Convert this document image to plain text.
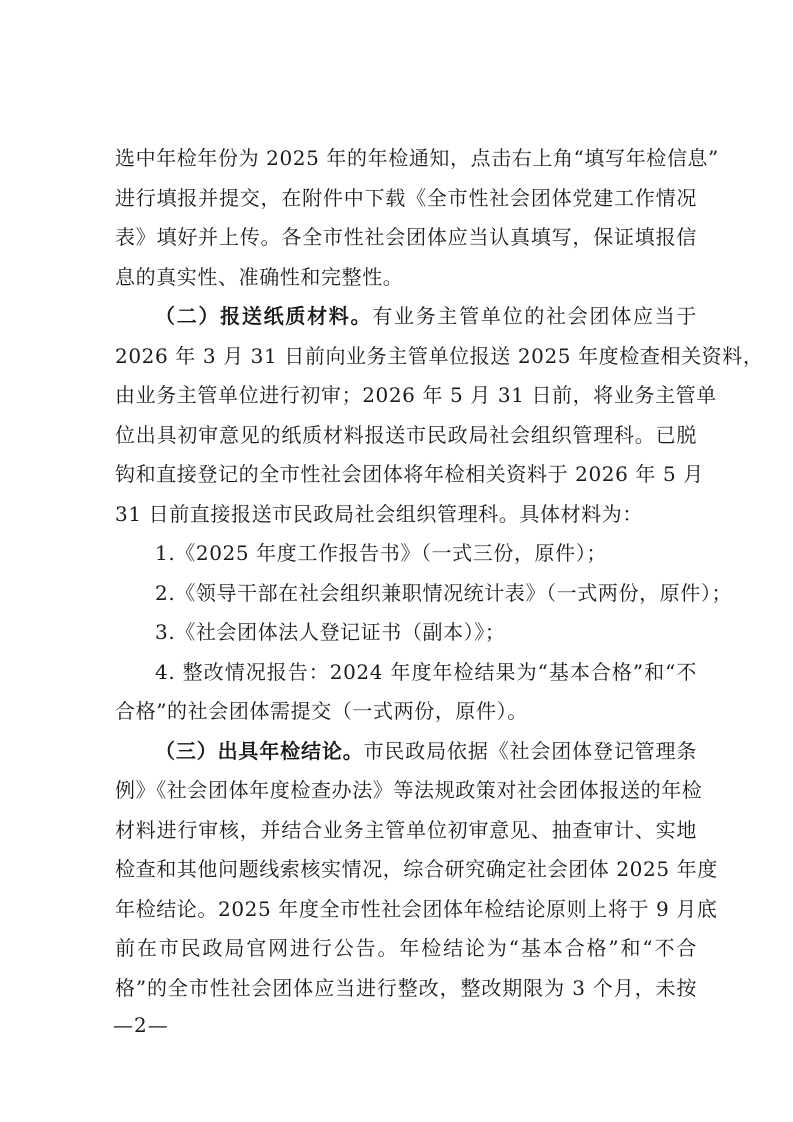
选中年检年份为 2025 年的年检通知，点击右上角“填写年检信息”
进行填报并提交，在附件中下载《全市性社会团体党建工作情况
表》填好并上传。各全市性社会团体应当认真填写，保证填报信
息的真实性、准确性和完整性。
（二）报送纸质材料。有业务主管单位的社会团体应当于
2026 年 3 月 31 日前向业务主管单位报送 2025 年度检查相关资料，
由业务主管单位进行初审；2026 年 5 月 31 日前，将业务主管单
位出具初审意见的纸质材料报送市民政局社会组织管理科。已脱
钩和直接登记的全市性社会团体将年检相关资料于 2026 年 5 月
31 日前直接报送市民政局社会组织管理科。具体材料为：
1.《2025 年度工作报告书》（一式三份，原件）；
2.《领导干部在社会组织兼职情况统计表》（一式两份，原件）；
3.《社会团体法人登记证书（副本）》；
4. 整改情况报告：2024 年度年检结果为“基本合格”和“不
合格”的社会团体需提交（一式两份，原件）。
（三）出具年检结论。市民政局依据《社会团体登记管理条
例》《社会团体年度检查办法》等法规政策对社会团体报送的年检
材料进行审核，并结合业务主管单位初审意见、抽查审计、实地
检查和其他问题线索核实情况，综合研究确定社会团体 2025 年度
年检结论。2025 年度全市性社会团体年检结论原则上将于 9 月底
前在市民政局官网进行公告。年检结论为“基本合格”和“不合
格”的全市性社会团体应当进行整改，整改期限为 3 个月，未按
—2—
